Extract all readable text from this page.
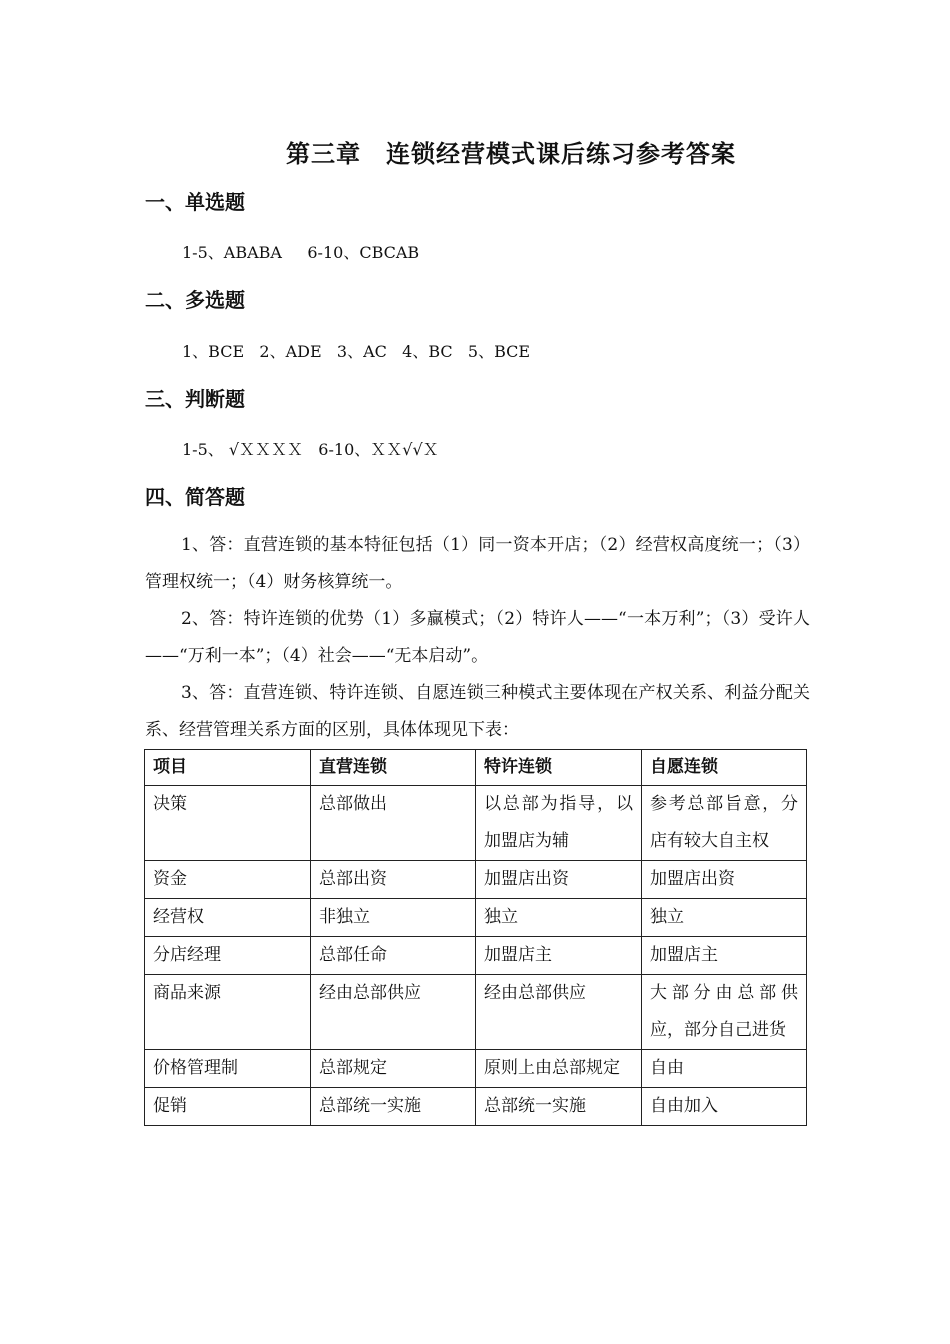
第三章　连锁经营模式课后练习参考答案
一、单选题
1-5、ABABA     6-10、CBCAB
二、多选题
1、BCE   2、ADE   3、AC   4、BC   5、BCE
三、判断题
1-5、 √ＸＸＸＸ   6-10、ＸＸ√√Ｘ
四、简答题
1、答：直营连锁的基本特征包括（1）同一资本开店；（2）经营权高度统一；（3）管理权统一；（4）财务核算统一。
2、答：特许连锁的优势（1）多赢模式；（2）特许人——“一本万利”；（3）受许人——“万利一本”；（4）社会——“无本启动”。
3、答：直营连锁、特许连锁、自愿连锁三种模式主要体现在产权关系、利益分配关系、经营管理关系方面的区别，具体体现见下表：
项目	直营连锁	特许连锁	自愿连锁
决策	总部做出	以总部为指导，以加盟店为辅	参考总部旨意，分店有较大自主权
资金	总部出资	加盟店出资	加盟店出资
经营权	非独立	独立	独立
分店经理	总部任命	加盟店主	加盟店主
商品来源	经由总部供应	经由总部供应	大部分由总部供应，部分自己进货
价格管理制	总部规定	原则上由总部规定	自由
促销	总部统一实施	总部统一实施	自由加入
